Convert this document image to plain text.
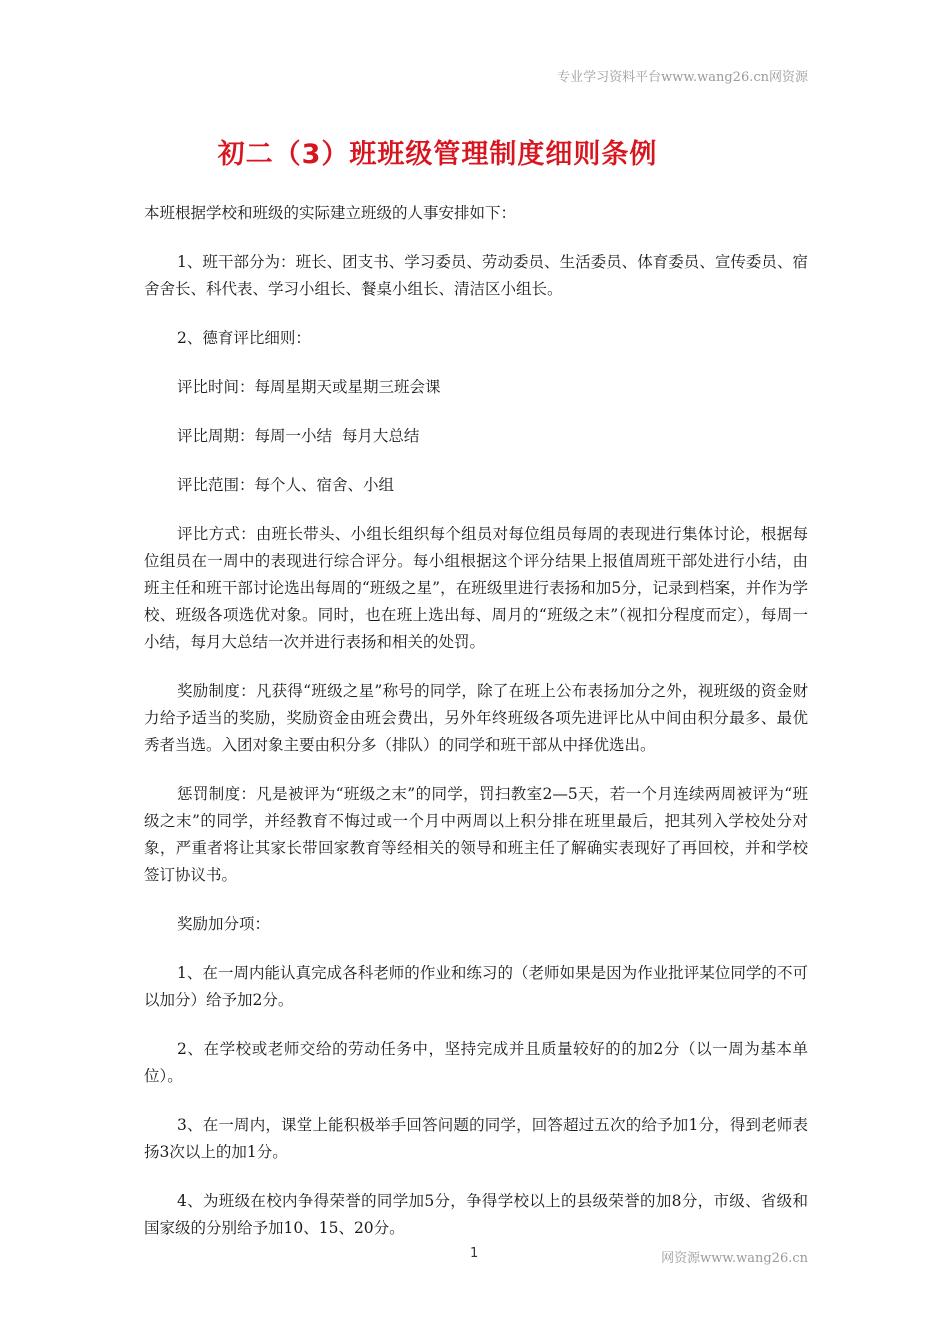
专业学习资料平台www.wang26.cn网资源
初二（3）班班级管理制度细则条例

本班根据学校和班级的实际建立班级的人事安排如下：

1、班干部分为：班长、团支书、学习委员、劳动委员、生活委员、体育委员、宣传委员、宿舍舍长、科代表、学习小组长、餐桌小组长、清洁区小组长。

2、德育评比细则：

评比时间：每周星期天或星期三班会课

评比周期：每周一小结  每月大总结

评比范围：每个人、宿舍、小组

评比方式：由班长带头、小组长组织每个组员对每位组员每周的表现进行集体讨论，根据每位组员在一周中的表现进行综合评分。每小组根据这个评分结果上报值周班干部处进行小结，由班主任和班干部讨论选出每周的“班级之星”，在班级里进行表扬和加5分，记录到档案，并作为学校、班级各项选优对象。同时，也在班上选出每、周月的“班级之末”（视扣分程度而定），每周一小结，每月大总结一次并进行表扬和相关的处罚。

奖励制度：凡获得“班级之星”称号的同学，除了在班上公布表扬加分之外，视班级的资金财力给予适当的奖励，奖励资金由班会费出，另外年终班级各项先进评比从中间由积分最多、最优秀者当选。入团对象主要由积分多（排队）的同学和班干部从中择优选出。

惩罚制度：凡是被评为“班级之末”的同学，罚扫教室2—5天，若一个月连续两周被评为“班级之末”的同学，并经教育不悔过或一个月中两周以上积分排在班里最后，把其列入学校处分对象，严重者将让其家长带回家教育等经相关的领导和班主任了解确实表现好了再回校，并和学校签订协议书。

奖励加分项：

1、在一周内能认真完成各科老师的作业和练习的（老师如果是因为作业批评某位同学的不可以加分）给予加2分。

2、在学校或老师交给的劳动任务中，坚持完成并且质量较好的的加2分（以一周为基本单位）。

3、在一周内，课堂上能积极举手回答问题的同学，回答超过五次的给予加1分，得到老师表扬3次以上的加1分。

4、为班级在校内争得荣誉的同学加5分，争得学校以上的县级荣誉的加8分，市级、省级和国家级的分别给予加10、15、20分。

1	网资源www.wang26.cn
